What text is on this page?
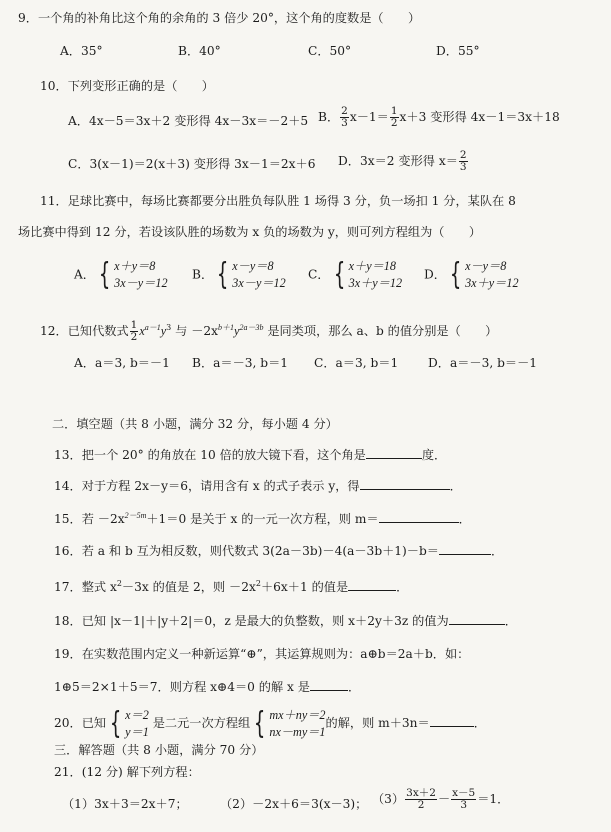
9．一个角的补角比这个角的余角的 3 倍少 20°，这个角的度数是（　　）
A．35°	B．40°	C．50°	D．55°
10．下列变形正确的是（　　）
A．4x－5＝3x＋2 变形得 4x－3x＝－2＋5 B． $\frac{2}{3} x-1= \frac{1}{2} x+3$ 变形得 4x－1＝3x＋18
C．3(x－1)＝2(x＋3) 变形得 3x－1＝2x＋6 D．3x＝2 变形得 $x= \frac{2}{3}$
11．足球比赛中，每场比赛都要分出胜负每队胜 1 场得 3 分，负一场扣 1 分，某队在 8
场比赛中得到 12 分，若设该队胜的场数为 x 负的场数为 y，则可列方程组为（　　）
A． { x＋y＝8
3x－y＝12
B． { x－y＝8
3x－y＝12
C． { x＋y＝18
3x＋y＝12
D． { x－y＝8
3x＋y＝12
12．已知代数式 $\frac{1}{2} x^{a-1}y^3$ 与 $-2x^{b+1}y^{2a-3b}$ 是同类项，那么 a、b 的值分别是（　　）
A．a＝3, b＝－1 B．a＝－3, b＝1 C．a＝3, b＝1 D．a＝－3, b＝－1
二．填空题（共 8 小题，满分 32 分，每小题 4 分）
13．把一个 20° 的角放在 10 倍的放大镜下看，这个角是	度．
14．对于方程 2x－y＝6，请用含有 x 的式子表示 y，得	．
15．若 $-2x^{2-5m}+1=0$ 是关于 x 的一元一次方程，则 m＝	．
16．若 a 和 b 互为相反数，则代数式 3(2a－3b)－4(a－3b＋1)－b＝	．
17．整式 $x^2-3x$ 的值是 2，则 $-2x^2+6x+1$ 的值是	．
18．已知 |x－1|＋|y＋2|＝0，z 是最大的负整数，则 x＋2y＋3z 的值为	．
19．在实数范围内定义一种新运算“⊕”，其运算规则为：a⊕b＝2a＋b．如：
1⊕5＝2×1＋5＝7．则方程 x⊕4＝0 的解 x 是	．
20．已知 { x＝2
y＝1
是二元一次方程组 { mx＋ny＝2
nx－my＝1
的解，则 m＋3n＝	．
三．解答题（共 8 小题，满分 70 分）
21．(12 分) 解下列方程：
（1）3x＋3＝2x＋7；	（2）－2x＋6＝3(x－3)； $(3) \frac{3x+2}{2} - \frac{x-5}{3} =1$．
